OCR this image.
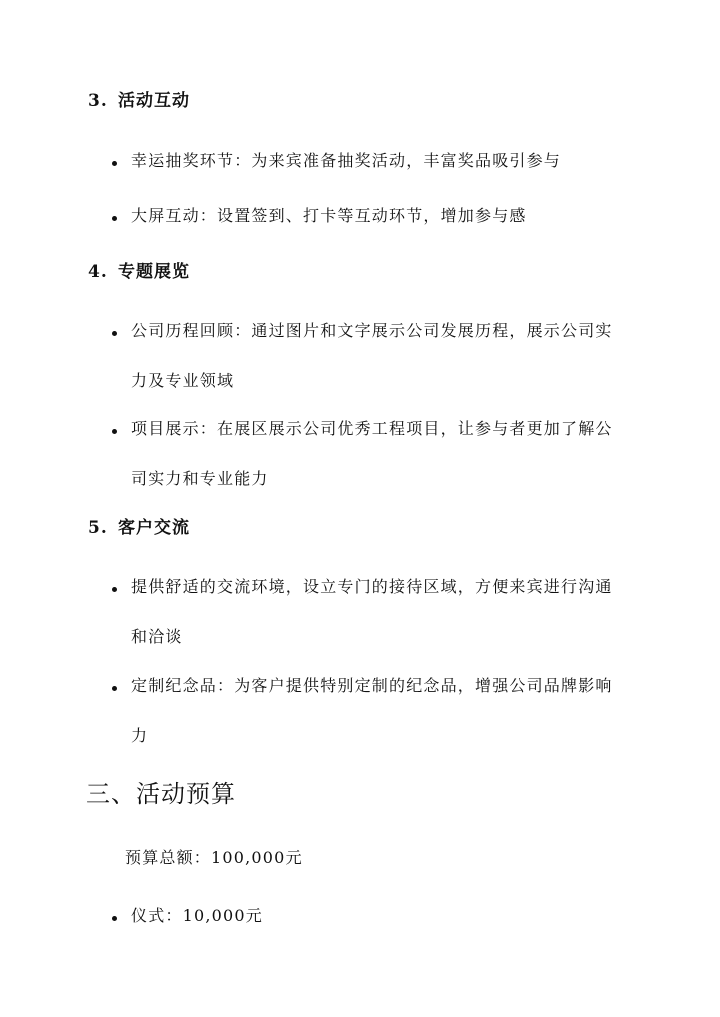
3. 活动互动
幸运抽奖环节：为来宾准备抽奖活动，丰富奖品吸引参与
大屏互动：设置签到、打卡等互动环节，增加参与感
4. 专题展览
公司历程回顾：通过图片和文字展示公司发展历程，展示公司实力及专业领域
项目展示：在展区展示公司优秀工程项目，让参与者更加了解公司实力和专业能力
5. 客户交流
提供舒适的交流环境，设立专门的接待区域，方便来宾进行沟通和洽谈
定制纪念品：为客户提供特别定制的纪念品，增强公司品牌影响力
三、活动预算
预算总额：100,000元
仪式：10,000元
